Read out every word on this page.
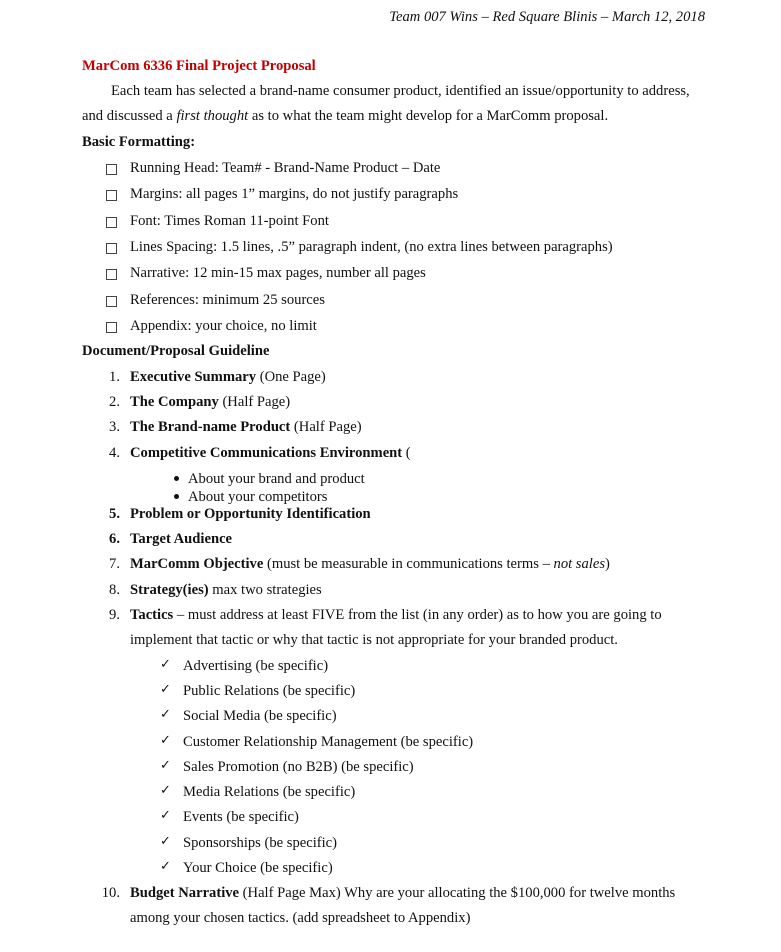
Team 007 Wins – Red Square Blinis – March 12, 2018
MarCom 6336 Final Project Proposal
Each team has selected a brand-name consumer product, identified an issue/opportunity to address,
and discussed a first thought as to what the team might develop for a MarComm proposal.
Basic Formatting:
Running Head: Team# - Brand-Name Product – Date
Margins: all pages 1” margins, do not justify paragraphs
Font: Times Roman 11-point Font
Lines Spacing: 1.5 lines, .5” paragraph indent, (no extra lines between paragraphs)
Narrative: 12 min-15 max pages, number all pages
References: minimum 25 sources
Appendix: your choice, no limit
Document/Proposal Guideline
1. Executive Summary (One Page)
2. The Company (Half Page)
3. The Brand-name Product (Half Page)
4. Competitive Communications Environment (
About your brand and product
About your competitors
5. Problem or Opportunity Identification
6. Target Audience
7. MarComm Objective (must be measurable in communications terms – not sales)
8. Strategy(ies) max two strategies
9. Tactics – must address at least FIVE from the list (in any order) as to how you are going to
implement that tactic or why that tactic is not appropriate for your branded product.
✓ Advertising (be specific)
✓ Public Relations (be specific)
✓ Social Media (be specific)
✓ Customer Relationship Management (be specific)
✓ Sales Promotion (no B2B) (be specific)
✓ Media Relations (be specific)
✓ Events (be specific)
✓ Sponsorships (be specific)
✓ Your Choice (be specific)
10. Budget Narrative (Half Page Max) Why are your allocating the $100,000 for twelve months
among your chosen tactics. (add spreadsheet to Appendix)
